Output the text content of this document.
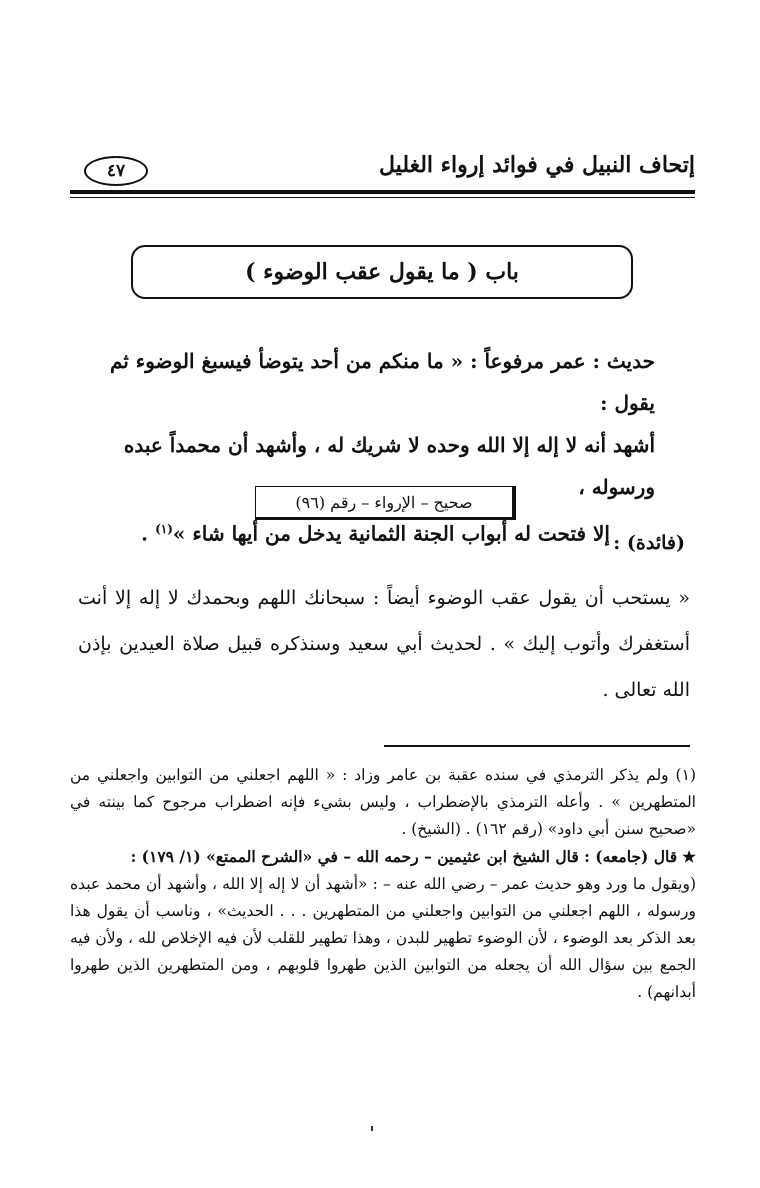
إتحاف النبيل في فوائد إرواء الغليل
٤٧
باب ( ما يقول عقب الوضوء )

حديث : عمر مرفوعاً : « ما منكم من أحد يتوضأ فيسبغ الوضوء ثم يقول :

أشهد أنه لا إله إلا الله وحده لا شريك له ، وأشهد أن محمداً عبده ورسوله ،

إلا فتحت له أبواب الجنة الثمانية يدخل من أيها شاء »$^{(١)}$ .

صحيح – الإرواء – رقم (٩٦)
(فائدة) :
« يستحب أن يقول عقب الوضوء أيضاً : سبحانك اللهم وبحمدك لا إله إلا أنت أستغفرك وأتوب إليك » . لحديث أبي سعيد وسنذكره قبيل صلاة العيدين بإذن الله تعالى .

(١) ولم يذكر الترمذي في سنده عقبة بن عامر وزاد : « اللهم اجعلني من التوابين واجعلني من المتطهرين » . وأعله الترمذي بالإضطراب ، وليس بشيء فإنه اضطراب مرجوح كما بينته في «صحيح سنن أبي داود» (رقم ١٦٢) . (الشيخ) .

★ قال (جامعه) : قال الشيخ ابن عثيمين – رحمه الله – في «الشرح الممتع» (١/ ١٧٩) :

(ويقول ما ورد وهو حديث عمر – رضي الله عنه – : «أشهد أن لا إله إلا الله ، وأشهد أن محمد عبده ورسوله ، اللهم اجعلني من التوابين واجعلني من المتطهرين . . . الحديث» ، وناسب أن يقول هذا بعد الذكر بعد الوضوء ، لأن الوضوء تطهير للبدن ، وهذا تطهير للقلب لأن فيه الإخلاص لله ، ولأن فيه الجمع بين سؤال الله أن يجعله من التوابين الذين طهروا قلوبهم ، ومن المتطهرين الذين طهروا أبدانهم) .
